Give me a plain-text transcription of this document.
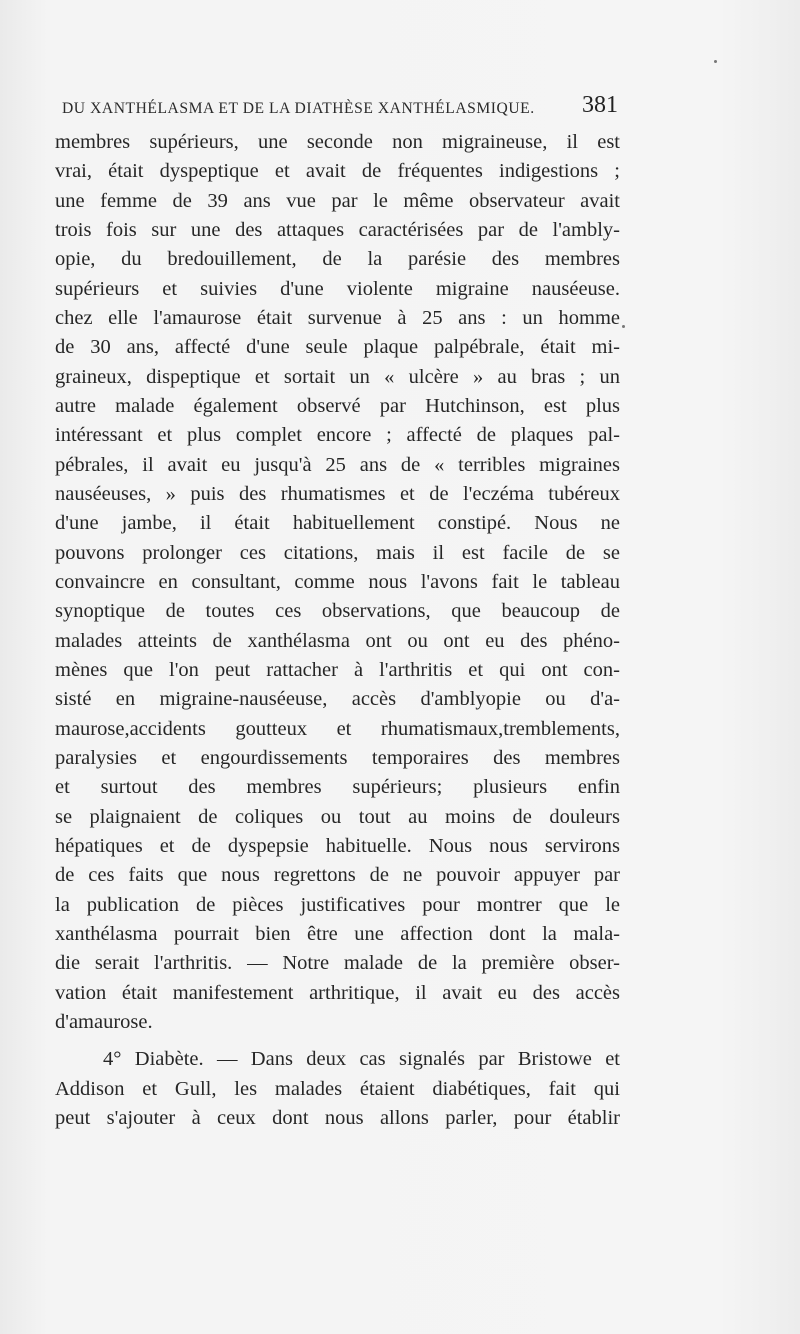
DU XANTHÉLASMA ET DE LA DIATHÈSE XANTHÉLASMIQUE. 381
membres supérieurs, une seconde non migraineuse, il est
vrai, était dyspeptique et avait de fréquentes indigestions ;
une femme de 39 ans vue par le même observateur avait
trois fois sur une des attaques caractérisées par de l'ambly-
opie, du bredouillement, de la parésie des membres
supérieurs et suivies d'une violente migraine nauséeuse.
chez elle l'amaurose était survenue à 25 ans : un homme
de 30 ans, affecté d'une seule plaque palpébrale, était mi-
graineux, dispeptique et sortait un « ulcère » au bras ; un
autre malade également observé par Hutchinson, est plus
intéressant et plus complet encore ; affecté de plaques pal-
pébrales, il avait eu jusqu'à 25 ans de « terribles migraines
nauséeuses, » puis des rhumatismes et de l'eczéma tubéreux
d'une jambe, il était habituellement constipé. Nous ne
pouvons prolonger ces citations, mais il est facile de se
convaincre en consultant, comme nous l'avons fait le tableau
synoptique de toutes ces observations, que beaucoup de
malades atteints de xanthélasma ont ou ont eu des phéno-
mènes que l'on peut rattacher à l'arthritis et qui ont con-
sisté en migraine-nauséeuse, accès d'amblyopie ou d'a-
maurose,accidents goutteux et rhumatismaux,tremblements,
paralysies et engourdissements temporaires des membres
et surtout des membres supérieurs; plusieurs enfin
se plaignaient de coliques ou tout au moins de douleurs
hépatiques et de dyspepsie habituelle. Nous nous servirons
de ces faits que nous regrettons de ne pouvoir appuyer par
la publication de pièces justificatives pour montrer que le
xanthélasma pourrait bien être une affection dont la mala-
die serait l'arthritis. — Notre malade de la première obser-
vation était manifestement arthritique, il avait eu des accès
d'amaurose.
4° Diabète. — Dans deux cas signalés par Bristowe et
Addison et Gull, les malades étaient diabétiques, fait qui
peut s'ajouter à ceux dont nous allons parler, pour établir
